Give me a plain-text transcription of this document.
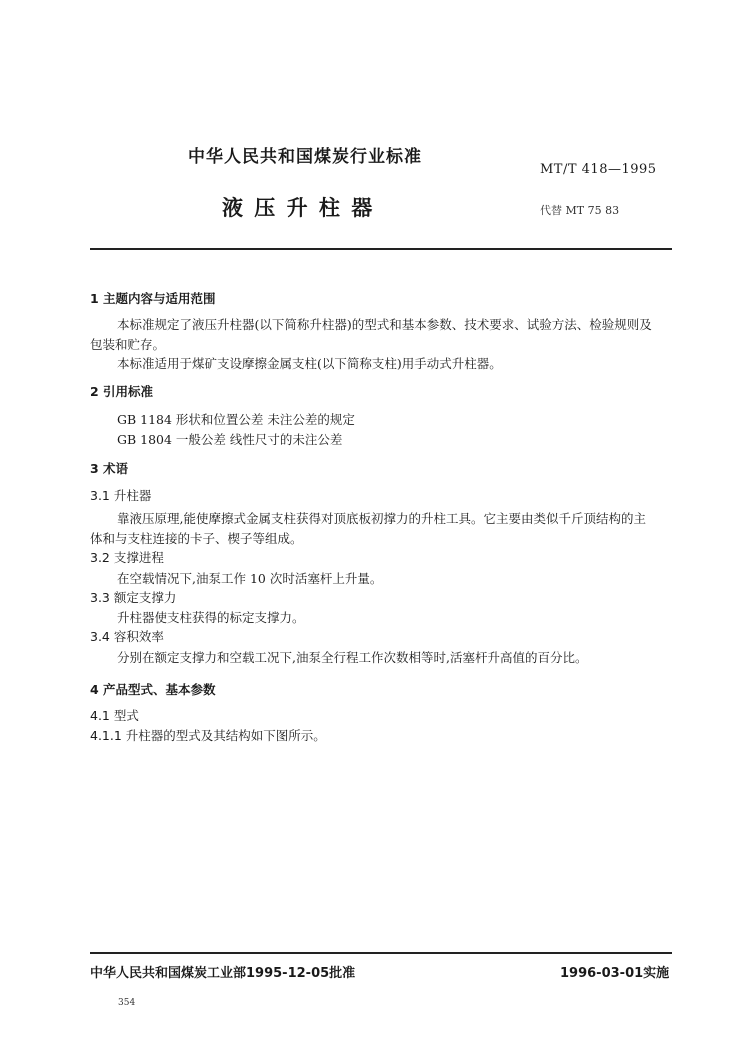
中华人民共和国煤炭行业标准
MT/T 418—1995
液 压 升 柱 器	代替 MT 75 83
1 主题内容与适用范围

本标准规定了液压升柱器(以下简称升柱器)的型式和基本参数、技术要求、试验方法、检验规则及

包装和贮存。

本标准适用于煤矿支设摩擦金属支柱(以下简称支柱)用手动式升柱器。

2 引用标准

GB 1184 形状和位置公差 未注公差的规定

GB 1804 一般公差 线性尺寸的未注公差

3 术语

3.1 升柱器

靠液压原理,能使摩擦式金属支柱获得对顶底板初撑力的升柱工具。它主要由类似千斤顶结构的主

体和与支柱连接的卡子、楔子等组成。

3.2 支撑进程

在空载情况下,油泵工作 10 次时活塞杆上升量。

3.3 额定支撑力

升柱器使支柱获得的标定支撑力。

3.4 容积效率

分别在额定支撑力和空载工况下,油泵全行程工作次数相等时,活塞杆升高值的百分比。

4 产品型式、基本参数

4.1 型式

4.1.1 升柱器的型式及其结构如下图所示。

中华人民共和国煤炭工业部1995-12-05批准	1996-03-01实施
354
